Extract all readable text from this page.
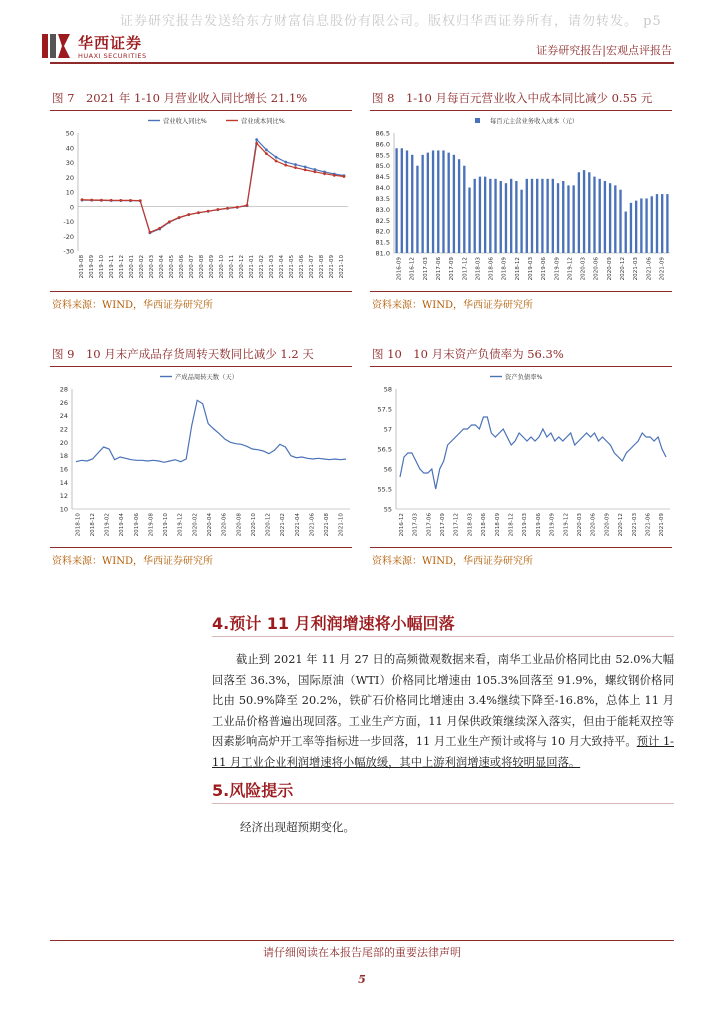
证券研究报告发送给东方财富信息股份有限公司。版权归华西证券所有，请勿转发。 p5
华西证券
HUAXI SECURITIES	证券研究报告|宏观点评报告
图 7　2021 年 1-10 月营业收入同比增长 21.1%
-30
-20
-10
0
10
20
30
40
50
2019-08 2019-09 2019-10 2019-11 2019-12 2020-01 2020-02 2020-03 2020-04 2020-05 2020-06 2020-07 2020-08 2020-09 2020-10 2020-11 2020-12 2021-01 2021-02 2021-03 2021-04 2021-05 2021-06 2021-07 2021-08 2021-09 2021-10
营业收入同比%	营业成本同比%
资料来源：WIND，华西证券研究所
图 8　1-10 月每百元营业收入中成本同比减少 0.55 元
81.0
81.5
82.0
82.5
83.0
83.5
84.0
84.5
85.0
85.5
86.0
86.5
2016-09 2016-12 2017-03 2017-06 2017-09 2017-12 2018-03 2018-06 2018-09 2018-12 2019-03 2019-06 2019-09 2019-12 2020-03 2020-06 2020-09 2020-12 2021-03 2021-06 2021-09
每百元主营业务收入成本（元）
资料来源：WIND，华西证券研究所
图 9　10 月末产成品存货周转天数同比减少 1.2 天
10
12
14
16
18
20
22
24
26
28
2018-10 2018-12 2019-02 2019-04 2019-06 2019-08 2019-10 2019-12 2020-02 2020-04 2020-06 2020-08 2020-10 2020-12 2021-02 2021-04 2021-06 2021-08 2021-10
产成品周转天数（天）
资料来源：WIND，华西证券研究所
图 10　10 月末资产负债率为 56.3%
55
55.5
56
56.5
57
57.5
58
2016-12 2017-03 2017-06 2017-09 2017-12 2018-03 2018-06 2018-09 2018-12 2019-03 2019-06 2019-09 2019-12 2020-03 2020-06 2020-09 2020-12 2021-03 2021-06 2021-09
资产负债率%
资料来源：WIND，华西证券研究所
4.预计 11 月利润增速将小幅回落
截止到 2021 年 11 月 27 日的高频微观数据来看，南华工业品价格同比由 52.0%大幅回落至 36.3%，国际原油（WTI）价格同比增速由 105.3%回落至 91.9%，螺纹钢价格同比由 50.9%降至 20.2%，铁矿石价格同比增速由 3.4%继续下降至-16.8%，总体上 11 月工业品价格普遍出现回落。工业生产方面，11 月保供政策继续深入落实，但由于能耗双控等因素影响高炉开工率等指标进一步回落，11 月工业生产预计或将与 10 月大致持平。预计 1-11 月工业企业利润增速将小幅放缓，其中上游利润增速或将较明显回落。
5.风险提示
经济出现超预期变化。
请仔细阅读在本报告尾部的重要法律声明
5
